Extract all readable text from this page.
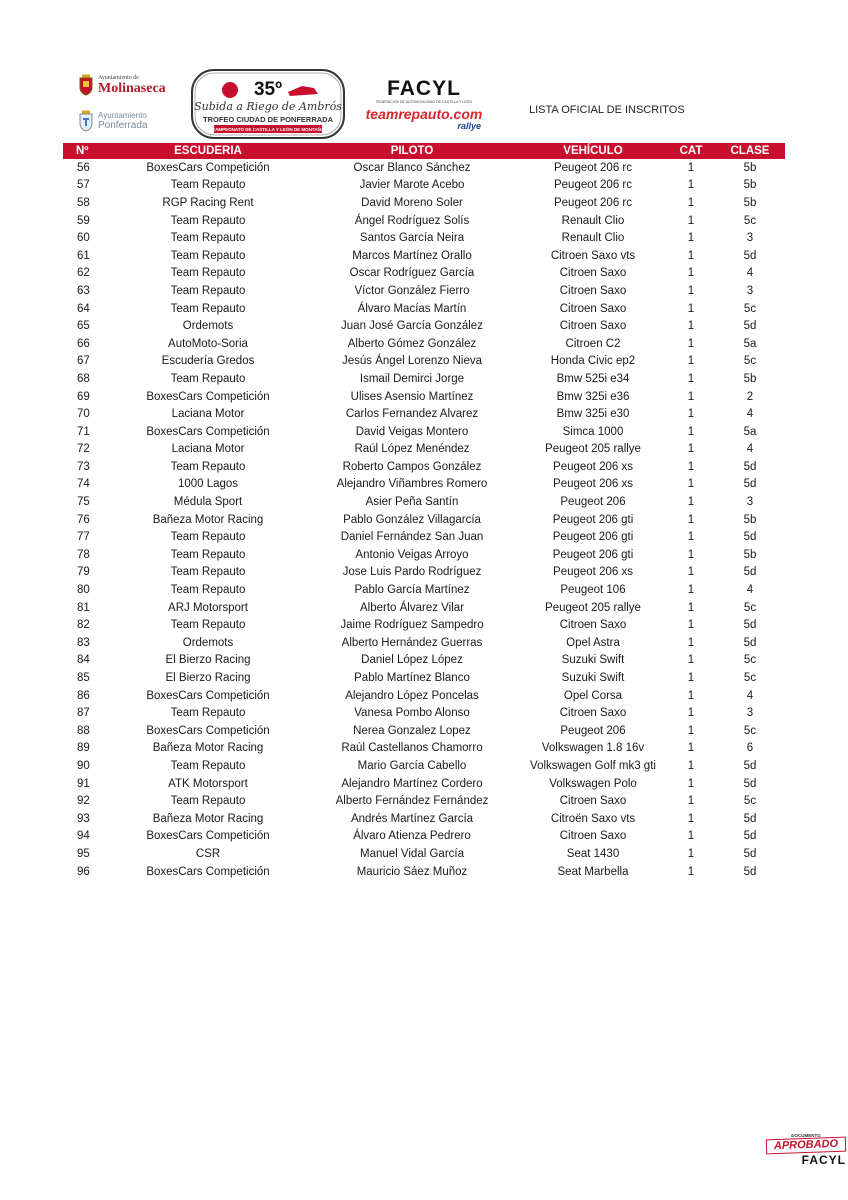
Ayuntamiento de
Molinaseca
Ayuntamiento
Ponferrada
35º
Subida a Riego de Ambrós
TROFEO CIUDAD DE PONFERRADA
CAMPEONATO DE CASTILLA Y LEÓN DE MONTAÑA
FACYL
FEDERACIÓN DE AUTOMOVILISMO DE CASTILLA Y LEÓN
teamrepauto.com
rallye
LISTA OFICIAL DE INSCRITOS
Nº	ESCUDERIA	PILOTO	VEHÍCULO	CAT	CLASE
56	BoxesCars Competición	Oscar Blanco Sánchez	Peugeot 206 rc	1	5b
57	Team Repauto	Javier Marote Acebo	Peugeot 206 rc	1	5b
58	RGP Racing Rent	David Moreno Soler	Peugeot 206 rc	1	5b
59	Team Repauto	Ángel Rodríguez Solís	Renault Clio	1	5c
60	Team Repauto	Santos García Neira	Renault Clio	1	3
61	Team Repauto	Marcos Martínez Orallo	Citroen Saxo vts	1	5d
62	Team Repauto	Oscar Rodríguez García	Citroen Saxo	1	4
63	Team Repauto	Víctor González Fierro	Citroen Saxo	1	3
64	Team Repauto	Álvaro Macías Martín	Citroen Saxo	1	5c
65	Ordemots	Juan José García González	Citroen Saxo	1	5d
66	AutoMoto-Soria	Alberto Gómez González	Citroen C2	1	5a
67	Escudería Gredos	Jesús Ángel Lorenzo Nieva	Honda Civic ep2	1	5c
68	Team Repauto	Ismail Demirci Jorge	Bmw 525i e34	1	5b
69	BoxesCars Competición	Ulises Asensio Martínez	Bmw 325i e36	1	2
70	Laciana Motor	Carlos Fernandez Alvarez	Bmw 325i e30	1	4
71	BoxesCars Competición	David Veigas Montero	Simca 1000	1	5a
72	Laciana Motor	Raúl López Menéndez	Peugeot 205 rallye	1	4
73	Team Repauto	Roberto Campos González	Peugeot 206 xs	1	5d
74	1000 Lagos	Alejandro Viñambres Romero	Peugeot 206 xs	1	5d
75	Médula Sport	Asier Peña Santín	Peugeot 206	1	3
76	Bañeza Motor Racing	Pablo González Villagarcía	Peugeot 206 gti	1	5b
77	Team Repauto	Daniel Fernández San Juan	Peugeot 206 gti	1	5d
78	Team Repauto	Antonio Veigas Arroyo	Peugeot 206 gti	1	5b
79	Team Repauto	Jose Luis Pardo Rodríguez	Peugeot 206 xs	1	5d
80	Team Repauto	Pablo García Martínez	Peugeot 106	1	4
81	ARJ Motorsport	Alberto Álvarez Vilar	Peugeot 205 rallye	1	5c
82	Team Repauto	Jaime Rodríguez Sampedro	Citroen Saxo	1	5d
83	Ordemots	Alberto Hernández Guerras	Opel Astra	1	5d
84	El Bierzo Racing	Daniel López López	Suzuki Swift	1	5c
85	El Bierzo Racing	Pablo Martínez Blanco	Suzuki Swift	1	5c
86	BoxesCars Competición	Alejandro López Poncelas	Opel Corsa	1	4
87	Team Repauto	Vanesa Pombo Alonso	Citroen Saxo	1	3
88	BoxesCars Competición	Nerea Gonzalez Lopez	Peugeot 206	1	5c
89	Bañeza Motor Racing	Raúl Castellanos Chamorro	Volkswagen 1.8 16v	1	6
90	Team Repauto	Mario García Cabello	Volkswagen Golf mk3 gti	1	5d
91	ATK Motorsport	Alejandro Martínez Cordero	Volkswagen Polo	1	5d
92	Team Repauto	Alberto Fernández Fernández	Citroen Saxo	1	5c
93	Bañeza Motor Racing	Andrés Martínez García	Citroën Saxo vts	1	5d
94	BoxesCars Competición	Álvaro Atienza Pedrero	Citroen Saxo	1	5d
95	CSR	Manuel Vidal García	Seat 1430	1	5d
96	BoxesCars Competición	Mauricio Sáez Muñoz	Seat Marbella	1	5d
DOCUMENTO
APROBADO
FACYL
